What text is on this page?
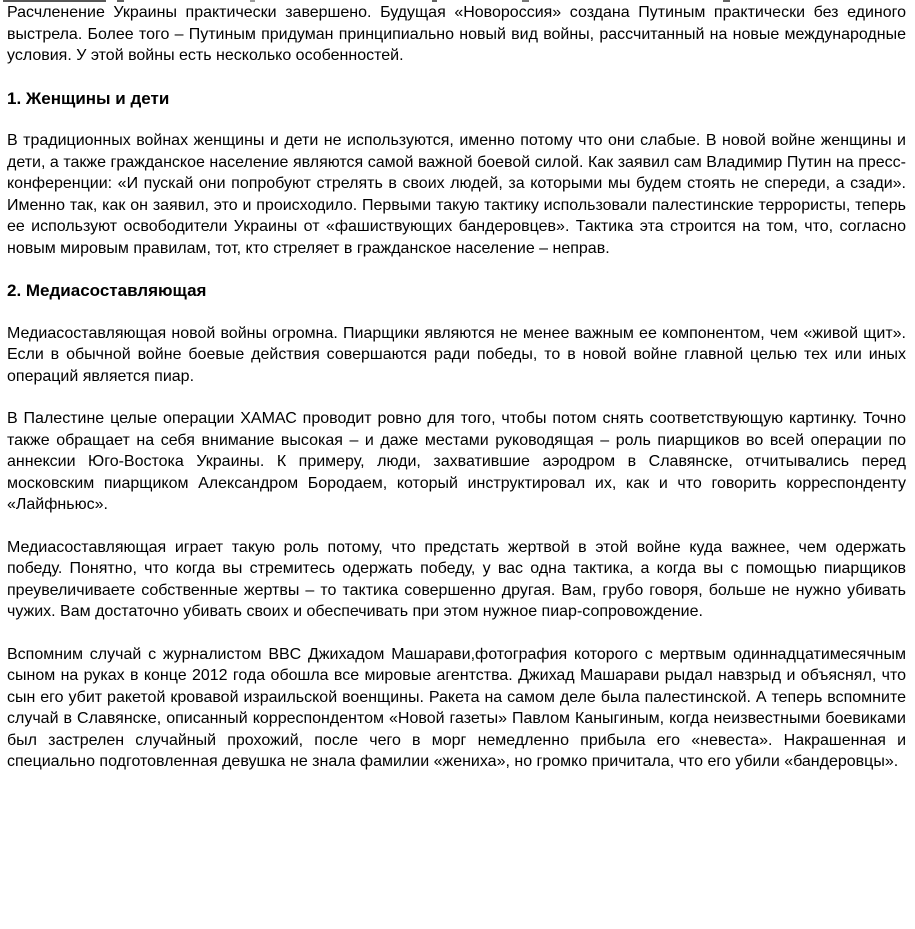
Расчленение Украины практически завершено. Будущая «Новороссия» создана Путиным практически без единого выстрела. Более того – Путиным придуман принципиально новый вид войны, рассчитанный на новые международные условия. У этой войны есть несколько особенностей.

1. Женщины и дети

В традиционных войнах женщины и дети не используются, именно потому что они слабые. В новой войне женщины и дети, а также гражданское население являются самой важной боевой силой. Как заявил сам Владимир Путин на пресс-конференции: «И пускай они попробуют стрелять в своих людей, за которыми мы будем стоять не спереди, а сзади». Именно так, как он заявил, это и происходило. Первыми такую тактику использовали палестинские террористы, теперь ее используют освободители Украины от «фашиствующих бандеровцев». Тактика эта строится на том, что, согласно новым мировым правилам, тот, кто стреляет в гражданское население – неправ.

2. Медиасоставляющая

Медиасоставляющая новой войны огромна. Пиарщики являются не менее важным ее компонентом, чем «живой щит». Если в обычной войне боевые действия совершаются ради победы, то в новой войне главной целью тех или иных операций является пиар.

В Палестине целые операции ХАМАС проводит ровно для того, чтобы потом снять соответствующую картинку. Точно также обращает на себя внимание высокая – и даже местами руководящая – роль пиарщиков во всей операции по аннексии Юго-Востока Украины. К примеру, люди, захватившие аэродром в Славянске, отчитывались перед московским пиарщиком Александром Бородаем, который инструктировал их, как и что говорить корреспонденту «Лайфньюс».

Медиасоставляющая играет такую роль потому, что предстать жертвой в этой войне куда важнее, чем одержать победу. Понятно, что когда вы стремитесь одержать победу, у вас одна тактика, а когда вы с помощью пиарщиков преувеличиваете собственные жертвы – то тактика совершенно другая. Вам, грубо говоря, больше не нужно убивать чужих. Вам достаточно убивать своих и обеспечивать при этом нужное пиар-сопровождение.

Вспомним случай с журналистом BBC Джихадом Машарави,фотография которого с мертвым одиннадцатимесячным сыном на руках в конце 2012 года обошла все мировые агентства. Джихад Машарави рыдал навзрыд и объяснял, что сын его убит ракетой кровавой израильской военщины. Ракета на самом деле была палестинской. А теперь вспомните случай в Славянске, описанный корреспондентом «Новой газеты» Павлом Каныгиным, когда неизвестными боевиками был застрелен случайный прохожий, после чего в морг немедленно прибыла его «невеста». Накрашенная и специально подготовленная девушка не знала фамилии «жениха», но громко причитала, что его убили «бандеровцы».
